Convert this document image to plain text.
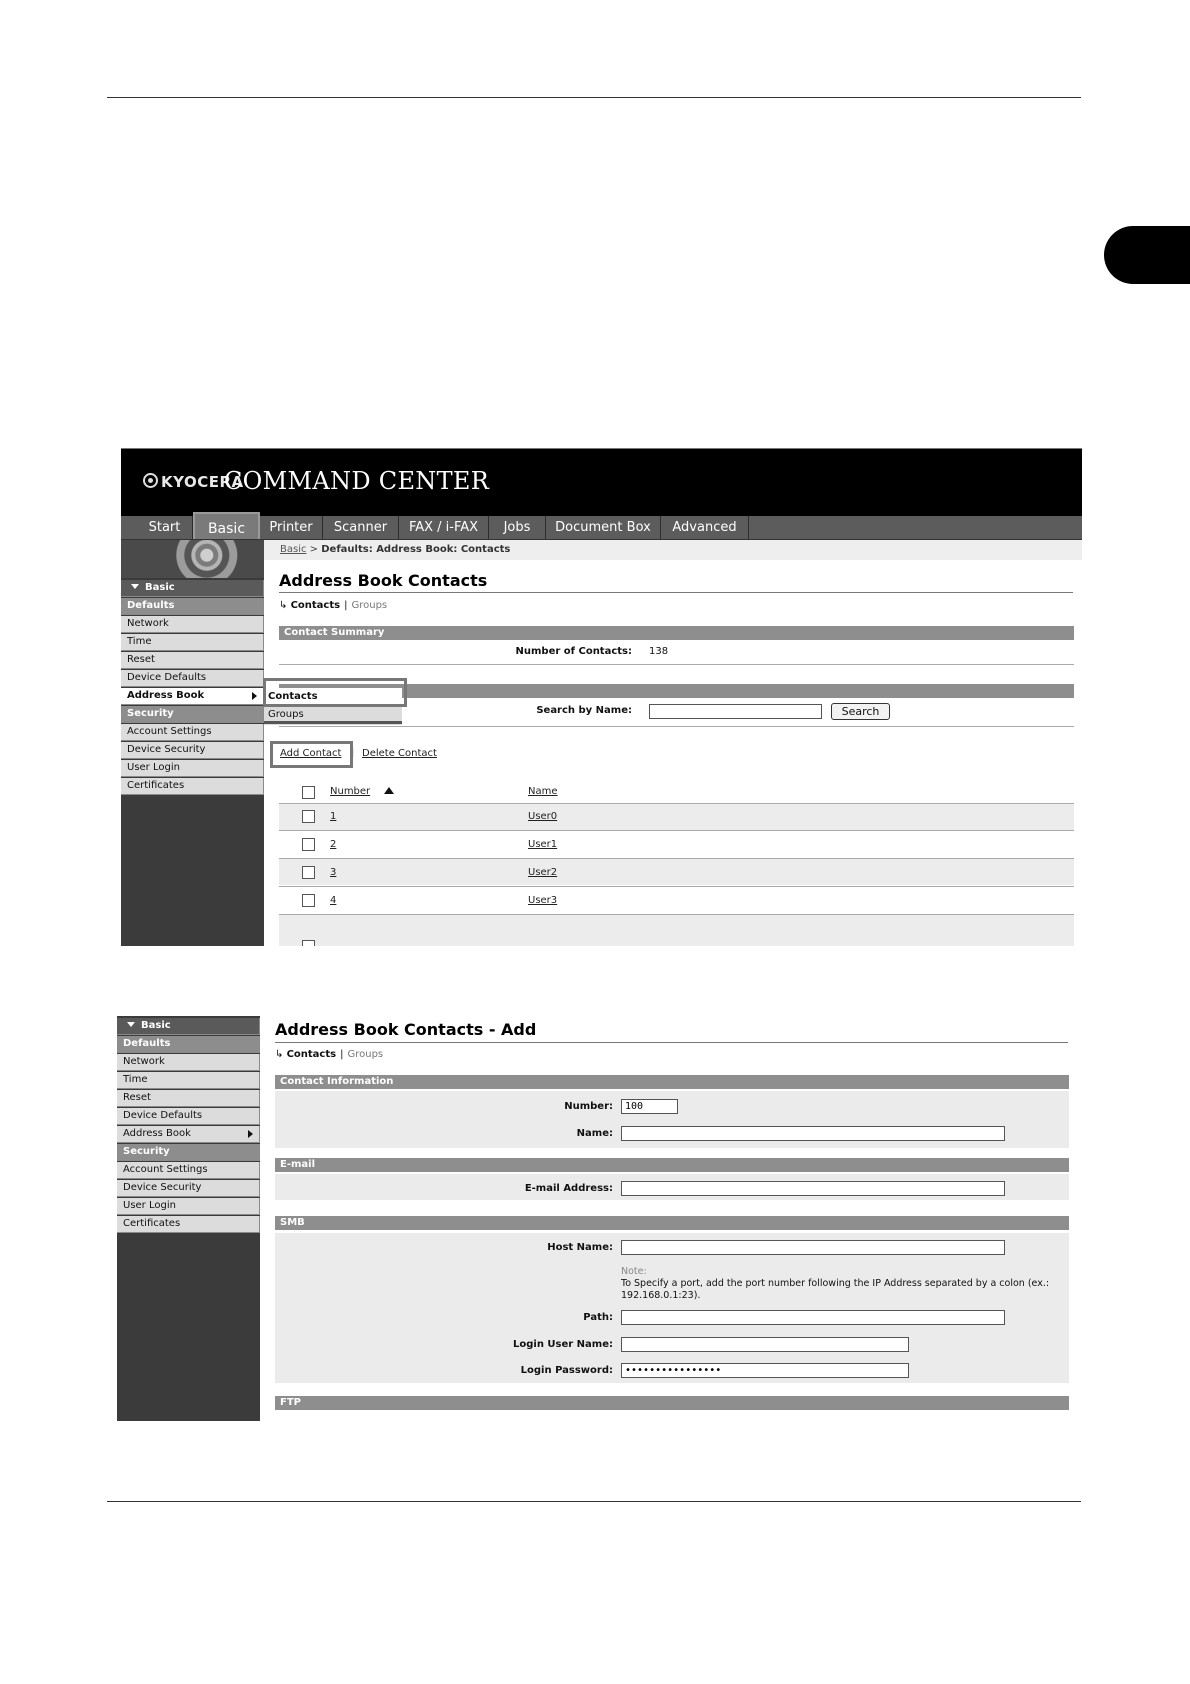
KYOCERA
COMMAND CENTER
Start	Basic	Printer	Scanner	FAX / i-FAX	Jobs	Document Box	Advanced
Basic
Defaults
Network
Time
Reset
Device Defaults
Address Book
Security
Account Settings
Device Security
User Login
Certificates
Basic > Defaults: Address Book: Contacts
Address Book Contacts
↳ Contacts | Groups
Contact Summary
Number of Contacts: 138
Search by Name:	Search
Add Contact | Delete Contact
Number	Name
1	User0
2	User1
3	User2
4	User3
Contacts
Groups
Basic
Defaults
Network
Time
Reset
Device Defaults
Address Book
Security
Account Settings
Device Security
User Login
Certificates
Address Book Contacts - Add
↳ Contacts | Groups
Contact Information
Number:
100
Name:
E-mail
E-mail Address:
SMB
Host Name:
Note:
To Specify a port, add the port number following the IP Address separated by a colon (ex.: 192.168.0.1:23).
Path:
Login User Name:
Login Password:
••••••••••••••••
FTP
